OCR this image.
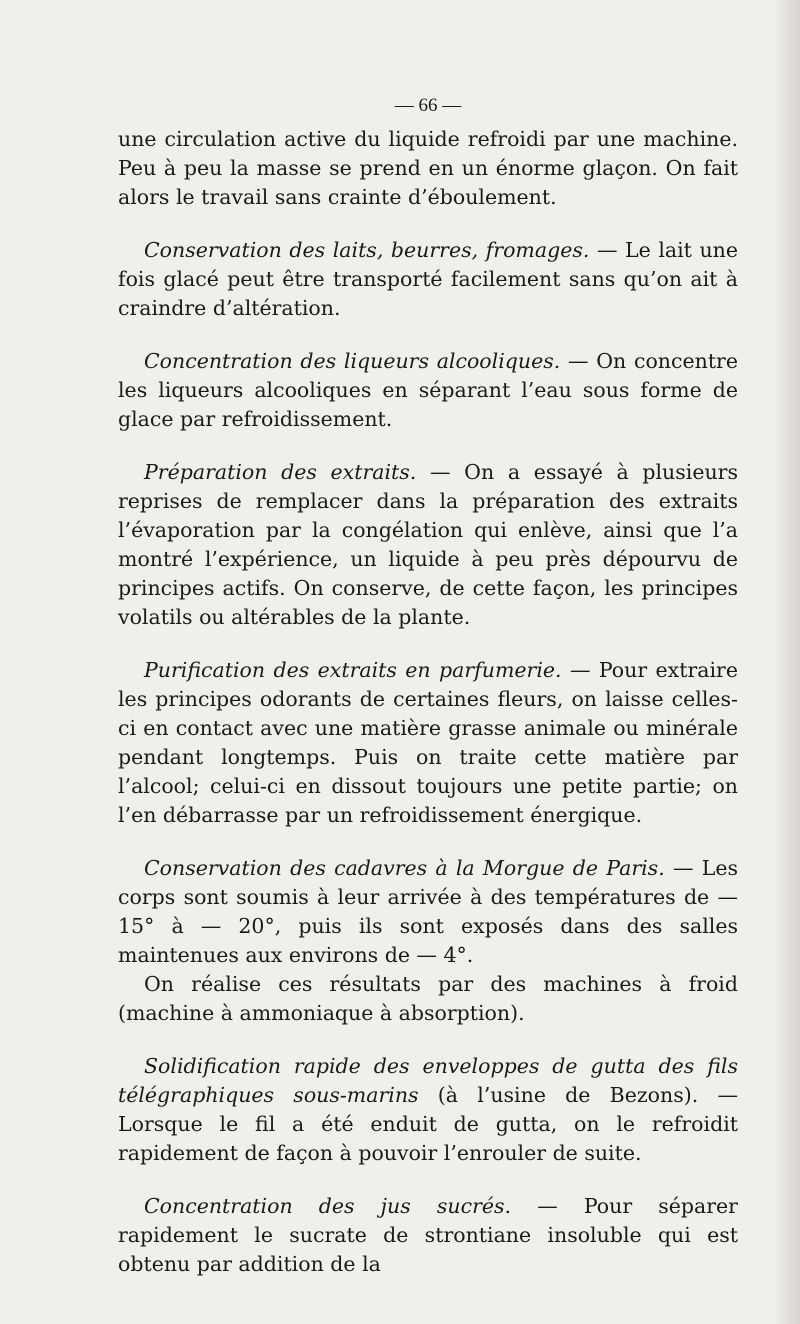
— 66 —

une circulation active du liquide refroidi par une machine. Peu à peu la masse se prend en un énorme glaçon. On fait alors le travail sans crainte d’éboulement.

Conservation des laits, beurres, fromages. — Le lait une fois glacé peut être transporté facilement sans qu’on ait à craindre d’altération.

Concentration des liqueurs alcooliques. — On concentre les liqueurs alcooliques en séparant l’eau sous forme de glace par refroidissement.

Préparation des extraits. — On a essayé à plusieurs reprises de remplacer dans la préparation des extraits l’évaporation par la congélation qui enlève, ainsi que l’a montré l’expérience, un liquide à peu près dépourvu de principes actifs. On conserve, de cette façon, les principes volatils ou altérables de la plante.

Purification des extraits en parfumerie. — Pour extraire les principes odorants de certaines fleurs, on laisse celles-ci en contact avec une matière grasse animale ou minérale pendant longtemps. Puis on traite cette matière par l’alcool; celui-ci en dissout toujours une petite partie; on l’en débarrasse par un refroidissement énergique.

Conservation des cadavres à la Morgue de Paris. — Les corps sont soumis à leur arrivée à des températures de — 15° à — 20°, puis ils sont exposés dans des salles maintenues aux environs de — 4°.

On réalise ces résultats par des machines à froid (machine à ammoniaque à absorption).

Solidification rapide des enveloppes de gutta des fils télégraphiques sous-marins (à l’usine de Bezons). — Lorsque le fil a été enduit de gutta, on le refroidit rapidement de façon à pouvoir l’enrouler de suite.

Concentration des jus sucrés. — Pour séparer rapidement le sucrate de strontiane insoluble qui est obtenu par addition de la
